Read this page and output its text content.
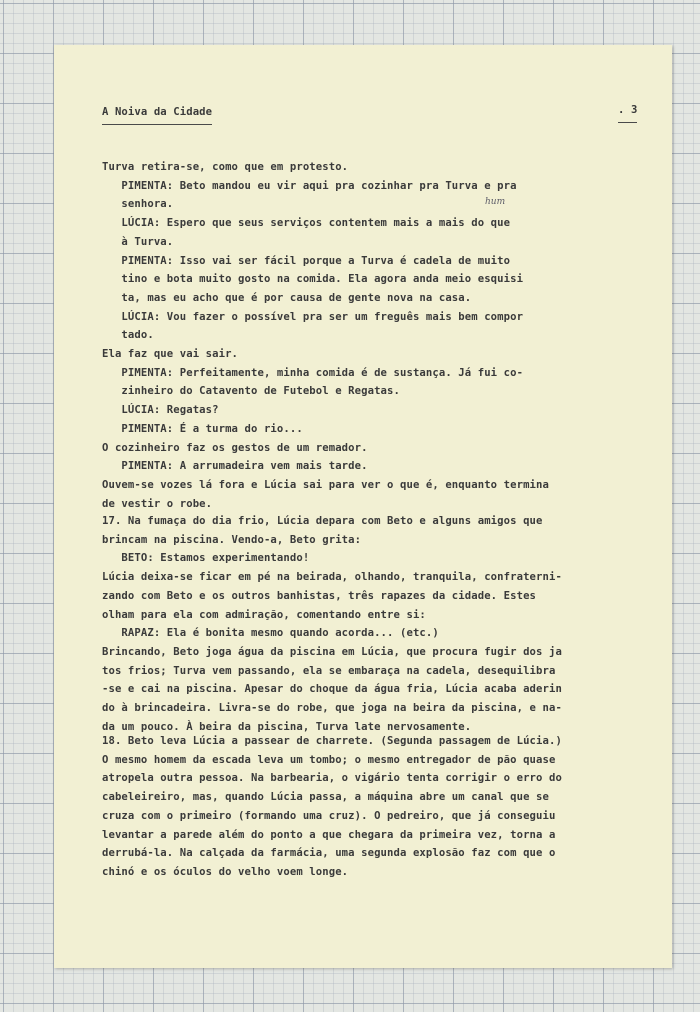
A Noiva da Cidade	. 3
hum
Turva retira-se, como que em protesto.
PIMENTA: Beto mandou eu vir aqui pra cozinhar pra Turva e pra
senhora.
LÚCIA: Espero que seus serviços contentem mais a mais do que
à Turva.
PIMENTA: Isso vai ser fácil porque a Turva é cadela de muito
tino e bota muito gosto na comida. Ela agora anda meio esquisi
ta, mas eu acho que é por causa de gente nova na casa.
LÚCIA: Vou fazer o possível pra ser um freguês mais bem compor
tado.
Ela faz que vai sair.
PIMENTA: Perfeitamente, minha comida é de sustança. Já fui co-
zinheiro do Catavento de Futebol e Regatas.
LÚCIA: Regatas?
PIMENTA: É a turma do rio...
O cozinheiro faz os gestos de um remador.
PIMENTA: A arrumadeira vem mais tarde.
Ouvem-se vozes lá fora e Lúcia sai para ver o que é, enquanto termina
de vestir o robe.
17. Na fumaça do dia frio, Lúcia depara com Beto e alguns amigos que
brincam na piscina. Vendo-a, Beto grita:
BETO: Estamos experimentando!
Lúcia deixa-se ficar em pé na beirada, olhando, tranquila, confraterni-
zando com Beto e os outros banhistas, três rapazes da cidade. Estes
olham para ela com admiração, comentando entre si:
RAPAZ: Ela é bonita mesmo quando acorda... (etc.)
Brincando, Beto joga água da piscina em Lúcia, que procura fugir dos ja
tos frios; Turva vem passando, ela se embaraça na cadela, desequilibra
-se e cai na piscina. Apesar do choque da água fria, Lúcia acaba aderin
do à brincadeira. Livra-se do robe, que joga na beira da piscina, e na-
da um pouco. À beira da piscina, Turva late nervosamente.
18. Beto leva Lúcia a passear de charrete. (Segunda passagem de Lúcia.)
O mesmo homem da escada leva um tombo; o mesmo entregador de pão quase
atropela outra pessoa. Na barbearia, o vigário tenta corrigir o erro do
cabeleireiro, mas, quando Lúcia passa, a máquina abre um canal que se
cruza com o primeiro (formando uma cruz). O pedreiro, que já conseguiu
levantar a parede além do ponto a que chegara da primeira vez, torna a
derrubá-la. Na calçada da farmácia, uma segunda explosão faz com que o
chinó e os óculos do velho voem longe.
